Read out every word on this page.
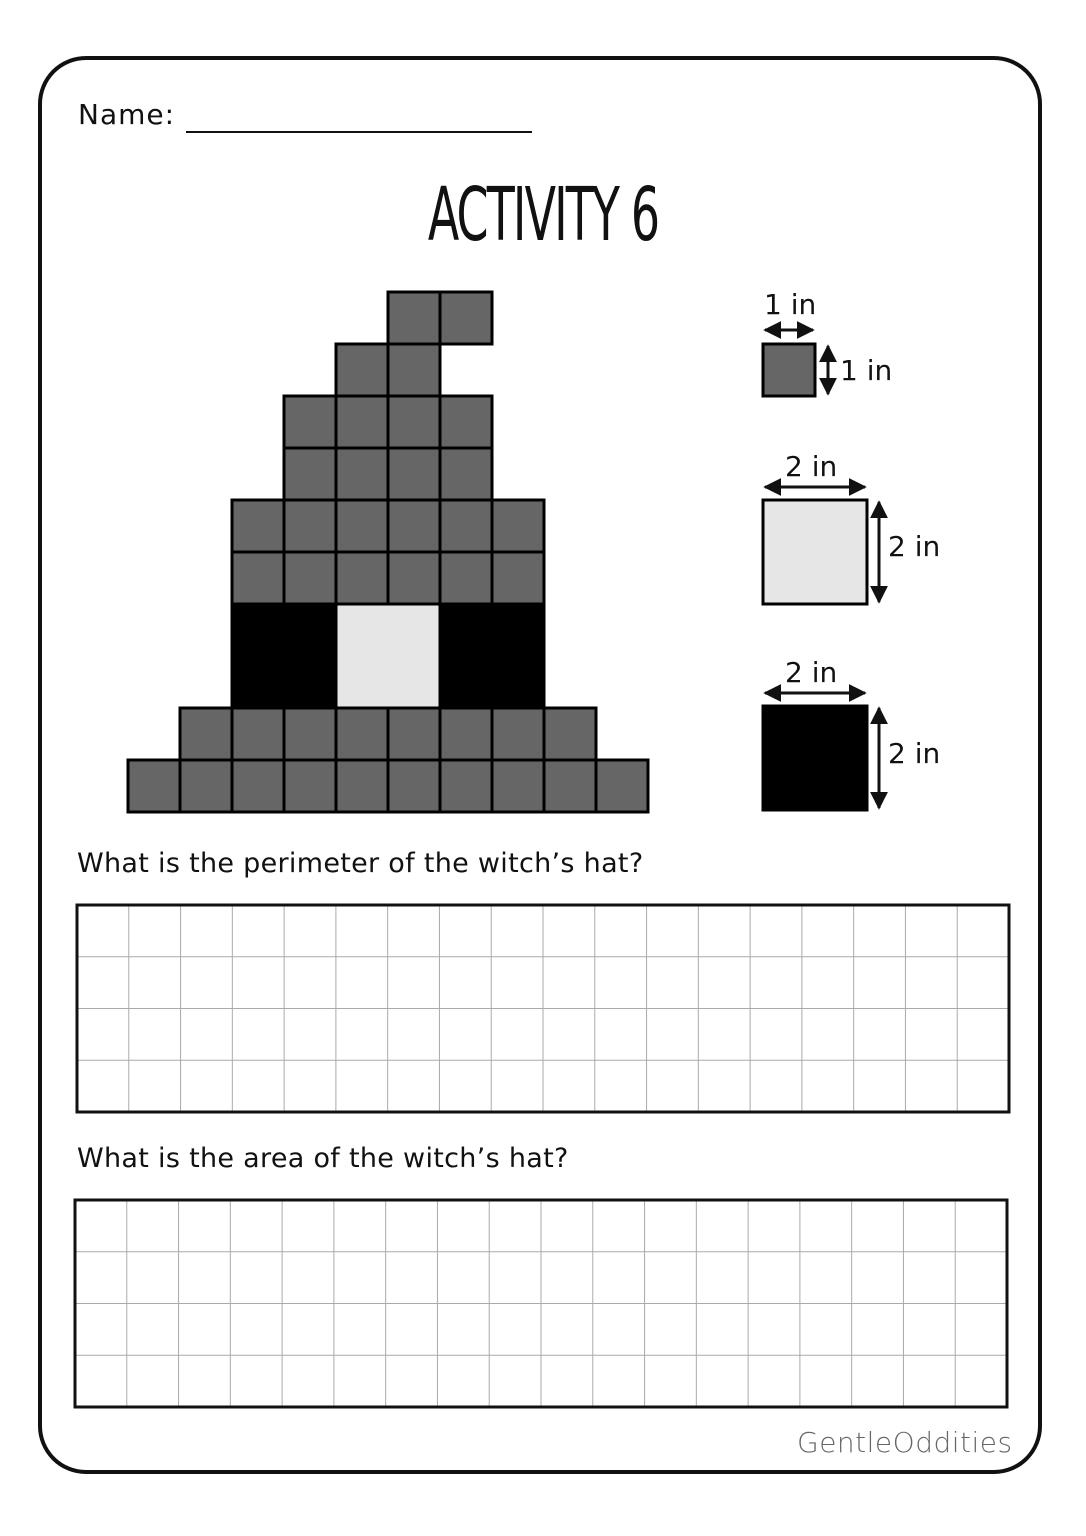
Name:
ACTIVITY 6
1 in
1 in
2 in
2 in
2 in
2 in
What is the perimeter of the witch’s hat?
What is the area of the witch’s hat?
GentleOddities
